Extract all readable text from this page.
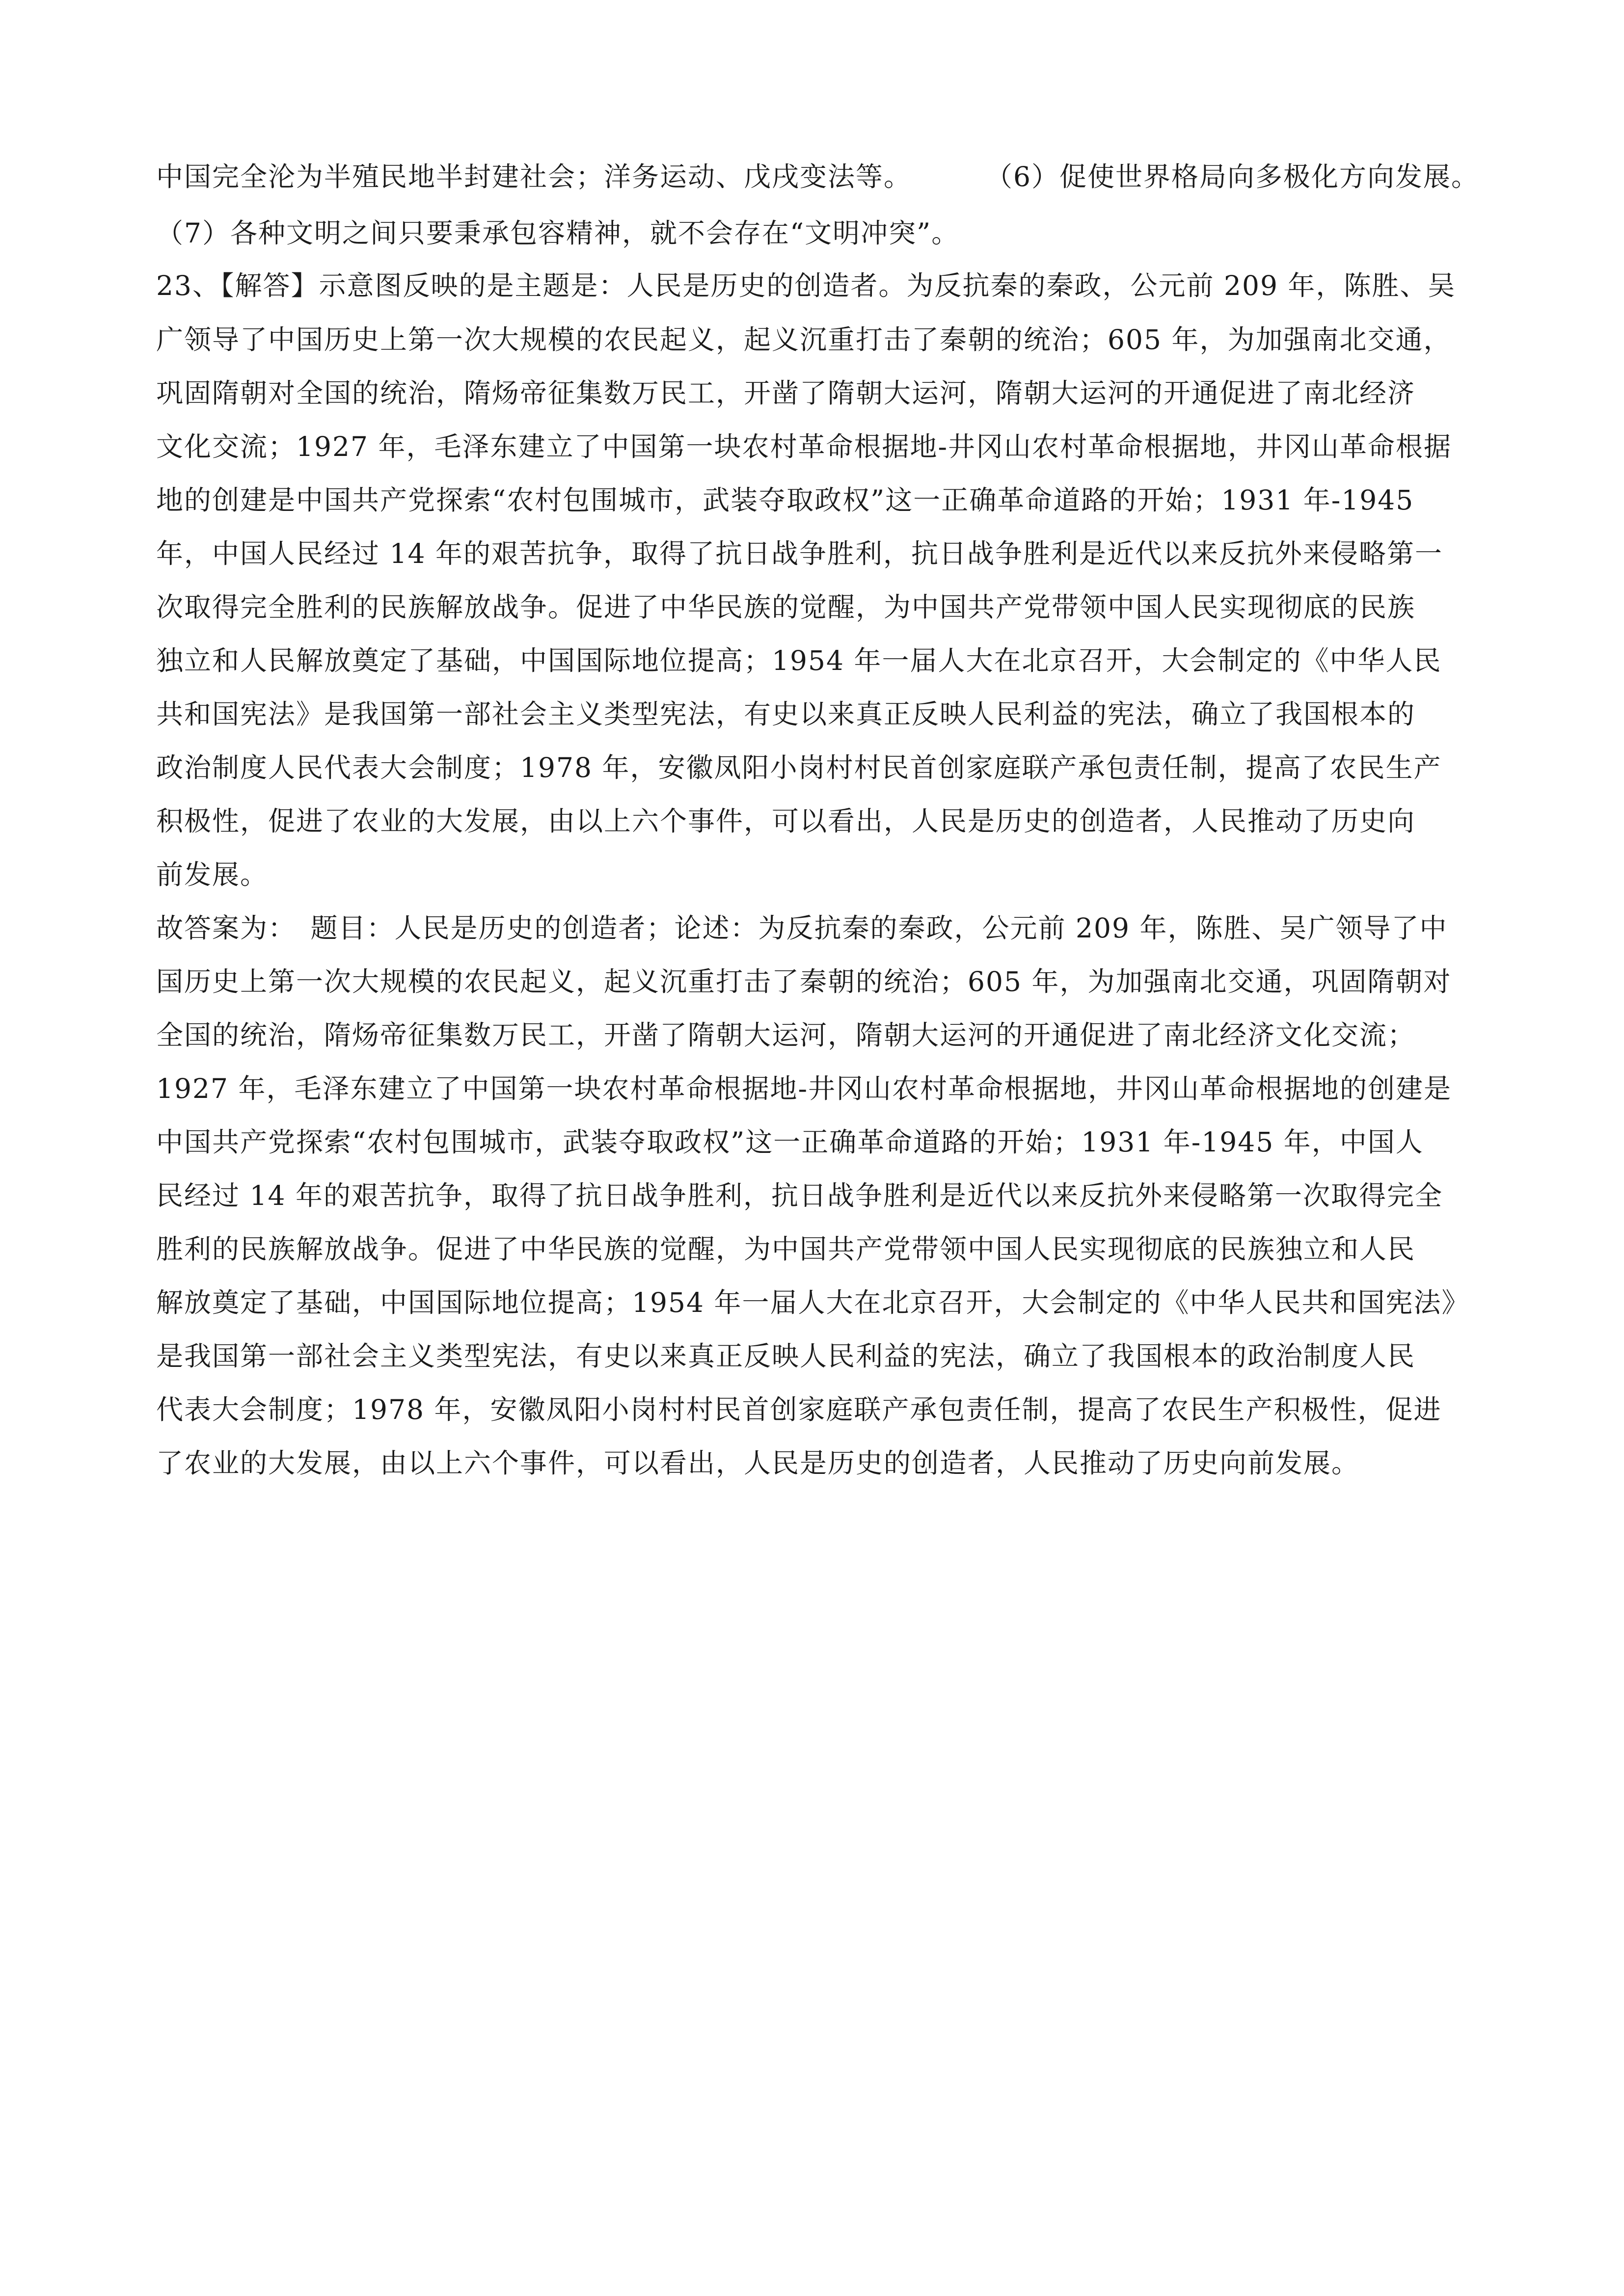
中国完全沦为半殖民地半封建社会；洋务运动、戊戌变法等。	（6）促使世界格局向多极化方向发展。
（7）各种文明之间只要秉承包容精神，就不会存在“文明冲突”。
23、【解答】示意图反映的是主题是：人民是历史的创造者。为反抗秦的秦政，公元前 209 年，陈胜、吴
广领导了中国历史上第一次大规模的农民起义，起义沉重打击了秦朝的统治；605 年，为加强南北交通，
巩固隋朝对全国的统治，隋炀帝征集数万民工，开凿了隋朝大运河，隋朝大运河的开通促进了南北经济
文化交流；1927 年，毛泽东建立了中国第一块农村革命根据地-井冈山农村革命根据地，井冈山革命根据
地的创建是中国共产党探索“农村包围城市，武装夺取政权”这一正确革命道路的开始；1931 年-1945
年，中国人民经过 14 年的艰苦抗争，取得了抗日战争胜利，抗日战争胜利是近代以来反抗外来侵略第一
次取得完全胜利的民族解放战争。促进了中华民族的觉醒，为中国共产党带领中国人民实现彻底的民族
独立和人民解放奠定了基础，中国国际地位提高；1954 年一届人大在北京召开，大会制定的《中华人民
共和国宪法》是我国第一部社会主义类型宪法，有史以来真正反映人民利益的宪法，确立了我国根本的
政治制度人民代表大会制度；1978 年，安徽凤阳小岗村村民首创家庭联产承包责任制，提高了农民生产
积极性，促进了农业的大发展，由以上六个事件，可以看出，人民是历史的创造者，人民推动了历史向
前发展。
故答案为：　题目：人民是历史的创造者；论述：为反抗秦的秦政，公元前 209 年，陈胜、吴广领导了中
国历史上第一次大规模的农民起义，起义沉重打击了秦朝的统治；605 年，为加强南北交通，巩固隋朝对
全国的统治，隋炀帝征集数万民工，开凿了隋朝大运河，隋朝大运河的开通促进了南北经济文化交流；
1927 年，毛泽东建立了中国第一块农村革命根据地-井冈山农村革命根据地，井冈山革命根据地的创建是
中国共产党探索“农村包围城市，武装夺取政权”这一正确革命道路的开始；1931 年-1945 年，中国人
民经过 14 年的艰苦抗争，取得了抗日战争胜利，抗日战争胜利是近代以来反抗外来侵略第一次取得完全
胜利的民族解放战争。促进了中华民族的觉醒，为中国共产党带领中国人民实现彻底的民族独立和人民
解放奠定了基础，中国国际地位提高；1954 年一届人大在北京召开，大会制定的《中华人民共和国宪法》
是我国第一部社会主义类型宪法，有史以来真正反映人民利益的宪法，确立了我国根本的政治制度人民
代表大会制度；1978 年，安徽凤阳小岗村村民首创家庭联产承包责任制，提高了农民生产积极性，促进
了农业的大发展，由以上六个事件，可以看出，人民是历史的创造者，人民推动了历史向前发展。
